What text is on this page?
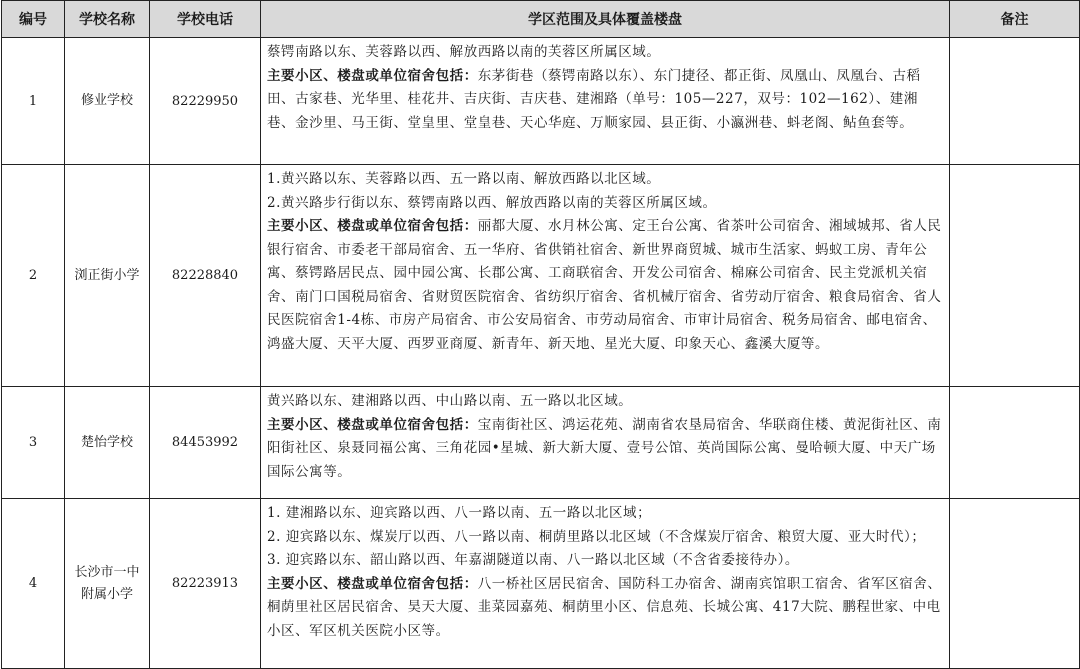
编号	学校名称	学校电话	学区范围及具体覆盖楼盘	备注
1	修业学校	82229950	蔡锷南路以东、芙蓉路以西、解放西路以南的芙蓉区所属区域。

主要小区、楼盘或单位宿舍包括：东茅街巷（蔡锷南路以东）、东门捷径、都正街、凤凰山、凤凰台、古稻田、古家巷、光华里、桂花井、吉庆街、吉庆巷、建湘路（单号：105—227，双号：102—162）、建湘巷、金沙里、马王街、堂皇里、堂皇巷、天心华庭、万顺家园、县正街、小瀛洲巷、蚪老阁、鲇鱼套等。	

2	浏正街小学	82228840	1.黄兴路以东、芙蓉路以西、五一路以南、解放西路以北区域。

2.黄兴路步行街以东、蔡锷南路以西、解放西路以南的芙蓉区所属区域。

主要小区、楼盘或单位宿舍包括：丽都大厦、水月林公寓、定王台公寓、省茶叶公司宿舍、湘域城邦、省人民银行宿舍、市委老干部局宿舍、五一华府、省供销社宿舍、新世界商贸城、城市生活家、蚂蚁工房、青年公寓、蔡锷路居民点、园中园公寓、长郡公寓、工商联宿舍、开发公司宿舍、棉麻公司宿舍、民主党派机关宿舍、南门口国税局宿舍、省财贸医院宿舍、省纺织厅宿舍、省机械厅宿舍、省劳动厅宿舍、粮食局宿舍、省人民医院宿舍1-4栋、市房产局宿舍、市公安局宿舍、市劳动局宿舍、市审计局宿舍、税务局宿舍、邮电宿舍、鸿盛大厦、天平大厦、西罗亚商厦、新青年、新天地、星光大厦、印象天心、鑫溪大厦等。	

3	楚怡学校	84453992	黄兴路以东、建湘路以西、中山路以南、五一路以北区域。

主要小区、楼盘或单位宿舍包括：宝南街社区、鸿运花苑、湖南省农垦局宿舍、华联商住楼、黄泥街社区、南阳街社区、泉聂同福公寓、三角花园•星城、新大新大厦、壹号公馆、英尚国际公寓、曼哈顿大厦、中天广场国际公寓等。	

4	长沙市一中附属小学	82223913	1. 建湘路以东、迎宾路以西、八一路以南、五一路以北区域；

2. 迎宾路以东、煤炭厅以西、八一路以南、桐荫里路以北区域（不含煤炭厅宿舍、粮贸大厦、亚大时代）；

3. 迎宾路以东、韶山路以西、年嘉湖隧道以南、八一路以北区域（不含省委接待办）。

主要小区、楼盘或单位宿舍包括：八一桥社区居民宿舍、国防科工办宿舍、湖南宾馆职工宿舍、省军区宿舍、桐荫里社区居民宿舍、昊天大厦、韭菜园嘉苑、桐荫里小区、信息苑、长城公寓、417大院、鹏程世家、中电小区、军区机关医院小区等。	
